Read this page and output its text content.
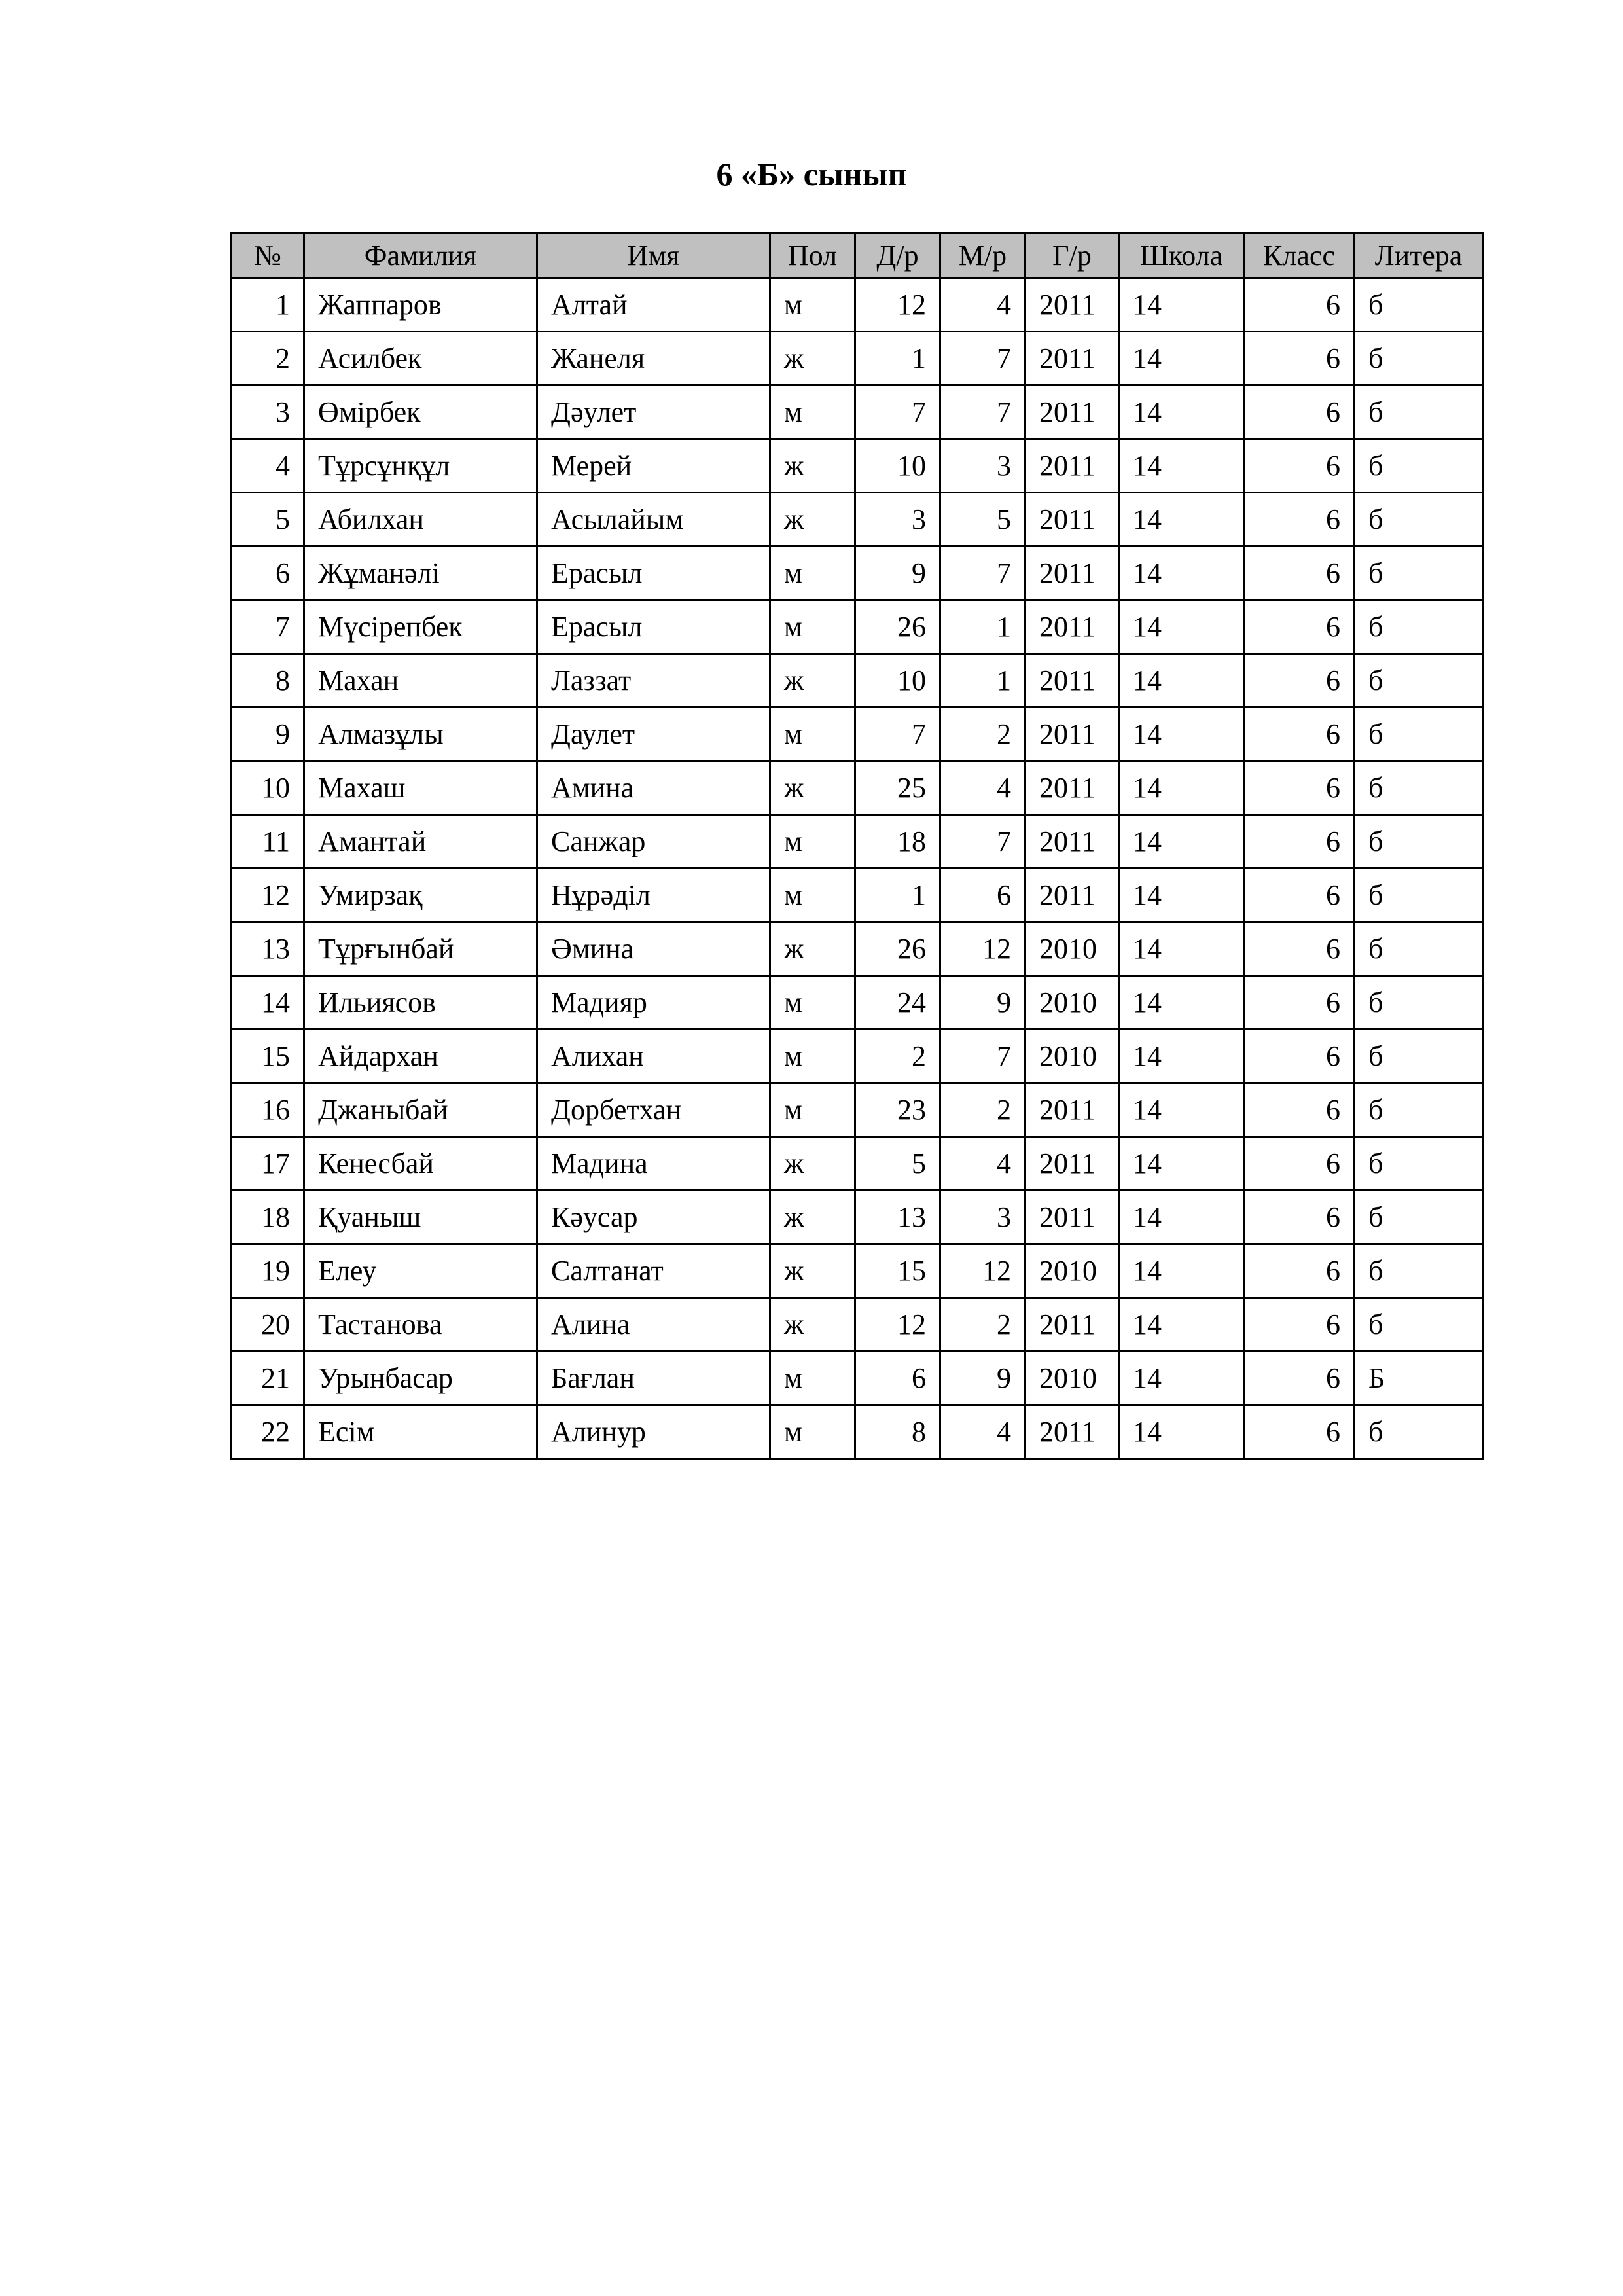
6 «Б» сынып
№	Фамилия	Имя	Пол	Д/р	М/р	Г/р	Школа	Класс	Литера
1	Жаппаров	Алтай	м	12	4	2011	14	6	б
2	Асилбек	Жанеля	ж	1	7	2011	14	6	б
3	Өмірбек	Дәулет	м	7	7	2011	14	6	б
4	Тұрсұнқұл	Мерей	ж	10	3	2011	14	6	б
5	Абилхан	Асылайым	ж	3	5	2011	14	6	б
6	Жұманәлі	Ерасыл	м	9	7	2011	14	6	б
7	Мүсірепбек	Ерасыл	м	26	1	2011	14	6	б
8	Махан	Лаззат	ж	10	1	2011	14	6	б
9	Алмазұлы	Даулет	м	7	2	2011	14	6	б
10	Махаш	Амина	ж	25	4	2011	14	6	б
11	Амантай	Санжар	м	18	7	2011	14	6	б
12	Умирзақ	Нұрәділ	м	1	6	2011	14	6	б
13	Тұрғынбай	Әмина	ж	26	12	2010	14	6	б
14	Ильиясов	Мадияр	м	24	9	2010	14	6	б
15	Айдархан	Алихан	м	2	7	2010	14	6	б
16	Джаныбай	Дорбетхан	м	23	2	2011	14	6	б
17	Кенесбай	Мадина	ж	5	4	2011	14	6	б
18	Қуаныш	Кәусар	ж	13	3	2011	14	6	б
19	Елеу	Салтанат	ж	15	12	2010	14	6	б
20	Тастанова	Алина	ж	12	2	2011	14	6	б
21	Урынбасар	Бағлан	м	6	9	2010	14	6	Б
22	Есім	Алинур	м	8	4	2011	14	6	б
